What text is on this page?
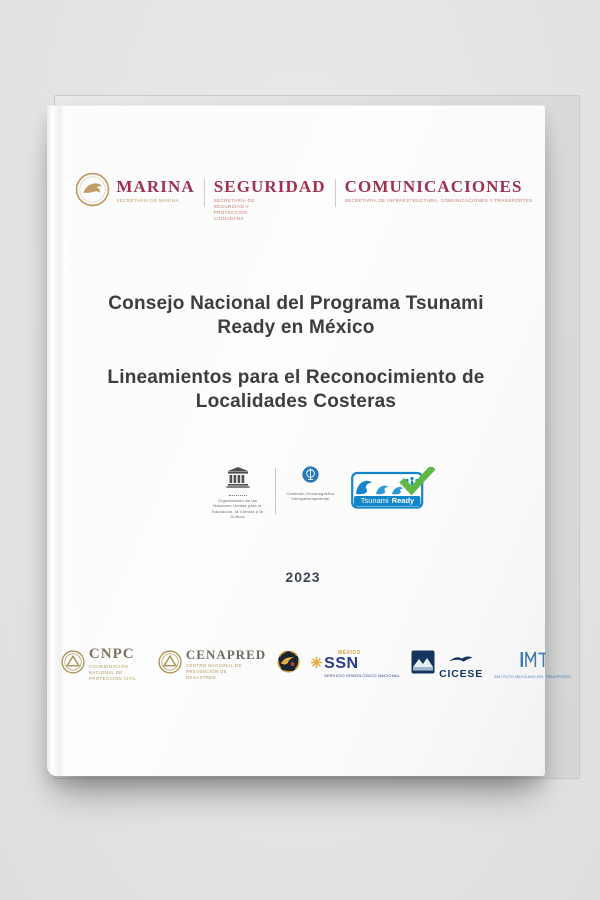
MARINA
SECRETARÍA DE MARINA
SEGURIDAD
SECRETARÍA DE SEGURIDAD Y PROTECCIÓN CIUDADANA
COMUNICACIONES
SECRETARÍA DE INFRAESTRUCTURA, COMUNICACIONES Y TRANSPORTES
Consejo Nacional del Programa Tsunami Ready en México
Lineamientos para el Reconocimiento de Localidades Costeras
Organización de las Naciones Unidas para la Educación, la Ciencia y la Cultura
Comisión Oceanográfica Intergubernamental	Tsunami Ready
2023
CNPC
COORDINACIÓN NACIONAL DE PROTECCIÓN CIVIL
CENAPRED
CENTRO NACIONAL DE PREVENCIÓN DE DESASTRES
MÉXICO
SSN
SERVICIO SISMOLÓGICO NACIONAL	CICESE	INSTITUTO MEXICANO DEL TRANSPORTE
